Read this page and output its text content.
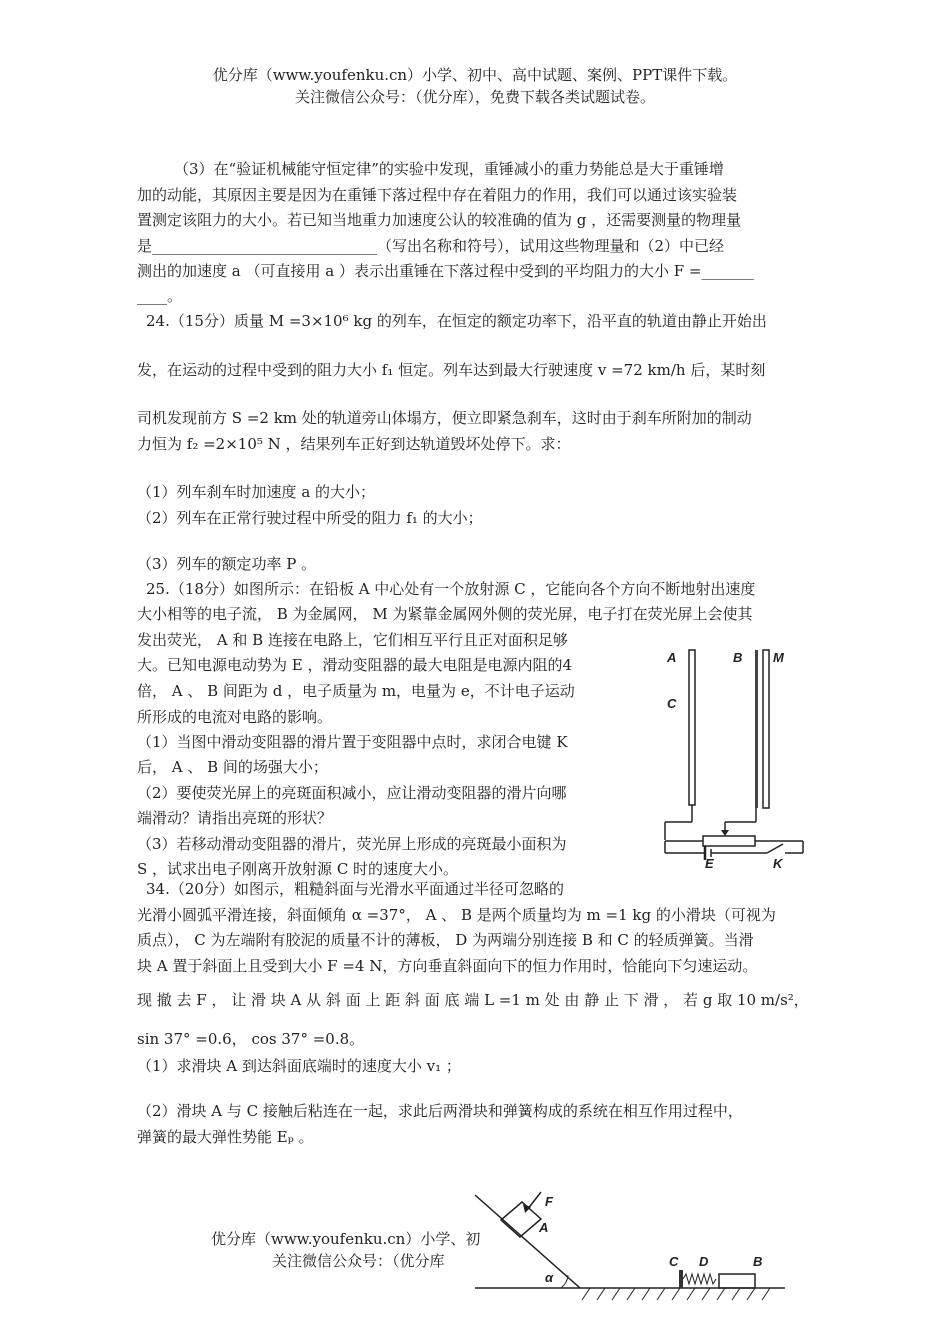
优分库（www.youfenku.cn）小学、初中、高中试题、案例、PPT课件下载。
关注微信公众号：（优分库），免费下载各类试题试卷。
（3）在“验证机械能守恒定律”的实验中发现，重锤减小的重力势能总是大于重锤增
加的动能，其原因主要是因为在重锤下落过程中存在着阻力的作用，我们可以通过该实验装
置测定该阻力的大小。若已知当地重力加速度公认的较准确的值为 g ，还需要测量的物理量
是______________________________（写出名称和符号），试用这些物理量和（2）中已经
测出的加速度 a （可直接用 a ）表示出重锤在下落过程中受到的平均阻力的大小 F =_______
____。
24.（15分）质量 M =3×10⁶ kg 的列车，在恒定的额定功率下，沿平直的轨道由静止开始出
发，在运动的过程中受到的阻力大小 f₁ 恒定。列车达到最大行驶速度 v =72 km/h 后，某时刻
司机发现前方 S =2 km 处的轨道旁山体塌方，便立即紧急刹车，这时由于刹车所附加的制动
力恒为 f₂ =2×10⁵ N ，结果列车正好到达轨道毁坏处停下。求：
（1）列车刹车时加速度 a 的大小；
（2）列车在正常行驶过程中所受的阻力 f₁ 的大小；
（3）列车的额定功率 P 。
25.（18分）如图所示：在铅板 A 中心处有一个放射源 C ，它能向各个方向不断地射出速度
大小相等的电子流， B 为金属网， M 为紧靠金属网外侧的荧光屏，电子打在荧光屏上会使其
发出荧光， A 和 B 连接在电路上，它们相互平行且正对面积足够
大。已知电源电动势为 E ，滑动变阻器的最大电阻是电源内阻的4
倍， A 、 B 间距为 d ，电子质量为 m，电量为 e，不计电子运动
所形成的电流对电路的影响。
（1）当图中滑动变阻器的滑片置于变阻器中点时，求闭合电键 K
后， A 、 B 间的场强大小；
（2）要使荧光屏上的亮斑面积减小，应让滑动变阻器的滑片向哪
端滑动？请指出亮斑的形状？
（3）若移动滑动变阻器的滑片，荧光屏上形成的亮斑最小面积为
S ，试求出电子刚离开放射源 C 时的速度大小。
A	B M
C
E	K
34.（20分）如图示，粗糙斜面与光滑水平面通过半径可忽略的
光滑小圆弧平滑连接，斜面倾角 α =37°， A 、 B 是两个质量均为 m =1 kg 的小滑块（可视为
质点）， C 为左端附有胶泥的质量不计的薄板， D 为两端分别连接 B 和 C 的轻质弹簧。当滑
块 A 置于斜面上且受到大小 F =4 N，方向垂直斜面向下的恒力作用时，恰能向下匀速运动。
现 撤 去 F ， 让 滑 块 A 从 斜 面 上 距 斜 面 底 端 L =1 m 处 由 静 止 下 滑 ， 若 g 取 10 m/s²，
sin 37° =0.6， cos 37° =0.8。
（1）求滑块 A 到达斜面底端时的速度大小 v₁ ；
（2）滑块 A 与 C 接触后粘连在一起，求此后两滑块和弹簧构成的系统在相互作用过程中，
弹簧的最大弹性势能 Eₚ 。
α
A
F
C D	B
优分库（www.youfenku.cn）小学、初
关注微信公众号：（优分库
